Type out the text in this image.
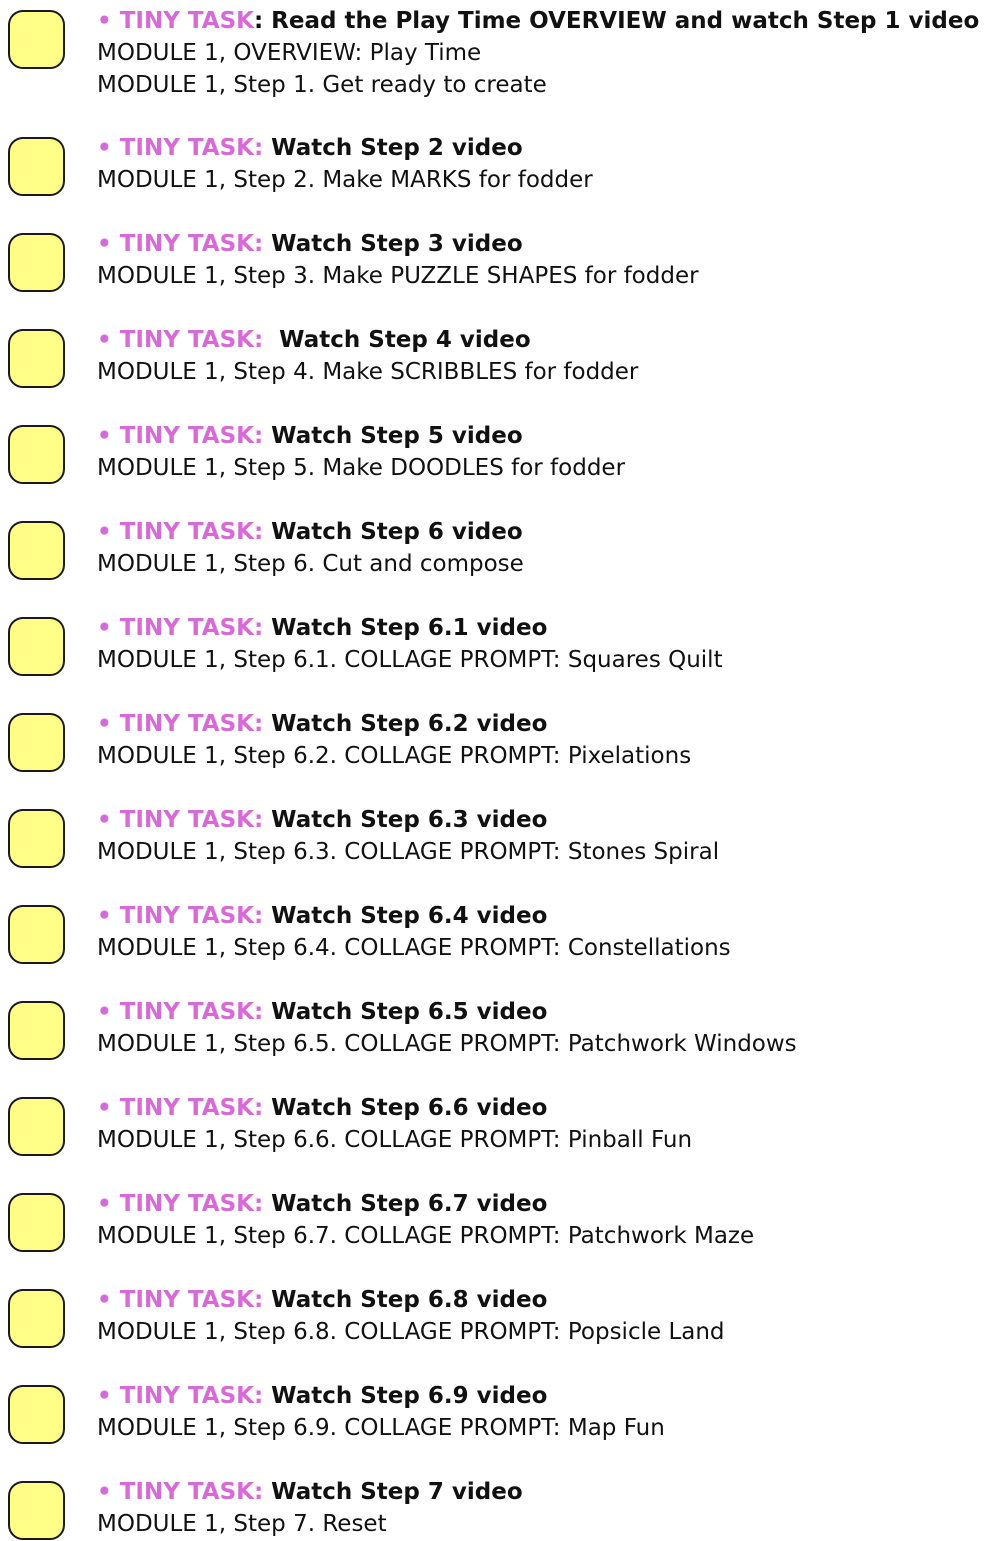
• TINY TASK: Read the Play Time OVERVIEW and watch Step 1 video
MODULE 1, OVERVIEW: Play Time
MODULE 1, Step 1. Get ready to create
• TINY TASK: Watch Step 2 video
MODULE 1, Step 2. Make MARKS for fodder
• TINY TASK: Watch Step 3 video
MODULE 1, Step 3. Make PUZZLE SHAPES for fodder
• TINY TASK:  Watch Step 4 video
MODULE 1, Step 4. Make SCRIBBLES for fodder
• TINY TASK: Watch Step 5 video
MODULE 1, Step 5. Make DOODLES for fodder
• TINY TASK: Watch Step 6 video
MODULE 1, Step 6. Cut and compose
• TINY TASK: Watch Step 6.1 video
MODULE 1, Step 6.1. COLLAGE PROMPT: Squares Quilt
• TINY TASK: Watch Step 6.2 video
MODULE 1, Step 6.2. COLLAGE PROMPT: Pixelations
• TINY TASK: Watch Step 6.3 video
MODULE 1, Step 6.3. COLLAGE PROMPT: Stones Spiral
• TINY TASK: Watch Step 6.4 video
MODULE 1, Step 6.4. COLLAGE PROMPT: Constellations
• TINY TASK: Watch Step 6.5 video
MODULE 1, Step 6.5. COLLAGE PROMPT: Patchwork Windows
• TINY TASK: Watch Step 6.6 video
MODULE 1, Step 6.6. COLLAGE PROMPT: Pinball Fun
• TINY TASK: Watch Step 6.7 video
MODULE 1, Step 6.7. COLLAGE PROMPT: Patchwork Maze
• TINY TASK: Watch Step 6.8 video
MODULE 1, Step 6.8. COLLAGE PROMPT: Popsicle Land
• TINY TASK: Watch Step 6.9 video
MODULE 1, Step 6.9. COLLAGE PROMPT: Map Fun
• TINY TASK: Watch Step 7 video
MODULE 1, Step 7. Reset
